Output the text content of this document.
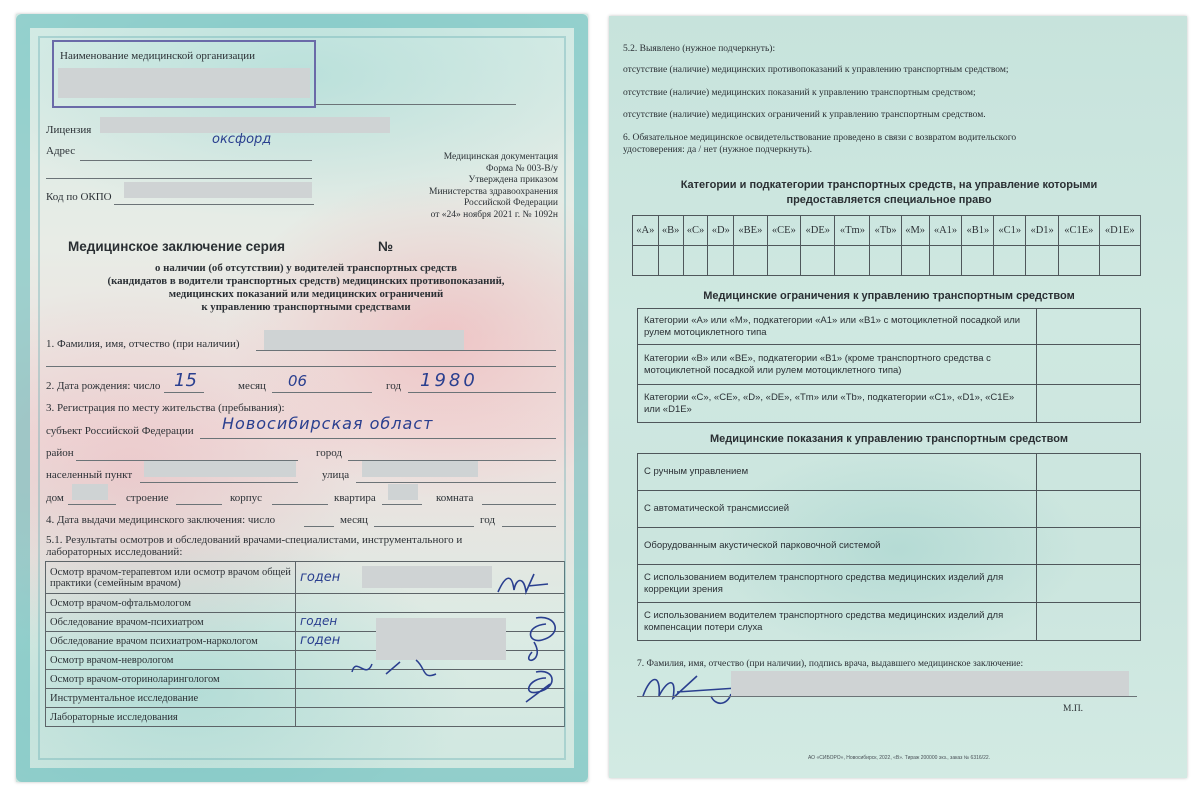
Наименование медицинской организации
Лицензия
Адрес
оксфорд
Код по ОКПО
Медицинская документация
Форма № 003-В/у
Утверждена приказом
Министерства здравоохранения
Российской Федерации
от «24» ноября 2021 г. № 1092н
Медицинское заключение серия	№
о наличии (об отсутствии) у водителей транспортных средств
(кандидатов в водители транспортных средств) медицинских противопоказаний,
медицинских показаний или медицинских ограничений
к управлению транспортными средствами
1. Фамилия, имя, отчество (при наличии)
2. Дата рождения: число 15	месяц 06	год 1980
3. Регистрация по месту жительства (пребывания):
субъект Российской Федерации Новосибирская област
район	город
населенный пункт	улица
дом	строение	корпус	квартира	комната
4. Дата выдачи медицинского заключения: число	месяц	год
5.1. Результаты осмотров и обследований врачами-специалистами, инструментального и
лабораторных исследований:
Осмотр врачом-терапевтом или осмотр врачом общей практики (семейным врачом)	годен
Осмотр врачом-офтальмологом	
Обследование врачом-психиатром	годен
Обследование врачом психиатром-наркологом	годен
Осмотр врачом-неврологом	
Осмотр врачом-оториноларингологом	
Инструментальное исследование	
Лабораторные исследования	
5.2. Выявлено (нужное подчеркнуть):
отсутствие (наличие) медицинских противопоказаний к управлению транспортным средством;
отсутствие (наличие) медицинских показаний к управлению транспортным средством;
отсутствие (наличие) медицинских ограничений к управлению транспортным средством.
6. Обязательное медицинское освидетельствование проведено в связи с возвратом водительского
удостоверения: да / нет (нужное подчеркнуть).
Категории и подкатегории транспортных средств, на управление которыми
предоставляется специальное право
«А»	«В»	«С»	«D»	«ВЕ»	«СЕ»	«DE»	«Tm»	«Tb»	«М»	«А1»	«В1»	«С1»	«D1»	«С1Е»	«D1E»

Медицинские ограничения к управлению транспортным средством
Категории «А» или «М», подкатегории «А1» или «В1» с мотоциклетной посадкой или рулем мотоциклетного типа	
Категории «В» или «ВЕ», подкатегории «В1» (кроме транспортного средства с мотоциклетной посадкой или рулем мотоциклетного типа)	
Категории «С», «СЕ», «D», «DE», «Tm» или «Tb», подкатегории «С1», «D1», «С1Е» или «D1E»	
Медицинские показания к управлению транспортным средством
С ручным управлением	
С автоматической трансмиссией	
Оборудованным акустической парковочной системой	
С использованием водителем транспортного средства медицинских изделий для коррекции зрения	
С использованием водителем транспортного средства медицинских изделий для компенсации потери слуха	
7. Фамилия, имя, отчество (при наличии), подпись врача, выдавшего медицинское заключение:
М.П.
АО «СИБОРО», Новосибирск, 2022, «В». Тираж 200000 экз., заказ № 6316/22.
